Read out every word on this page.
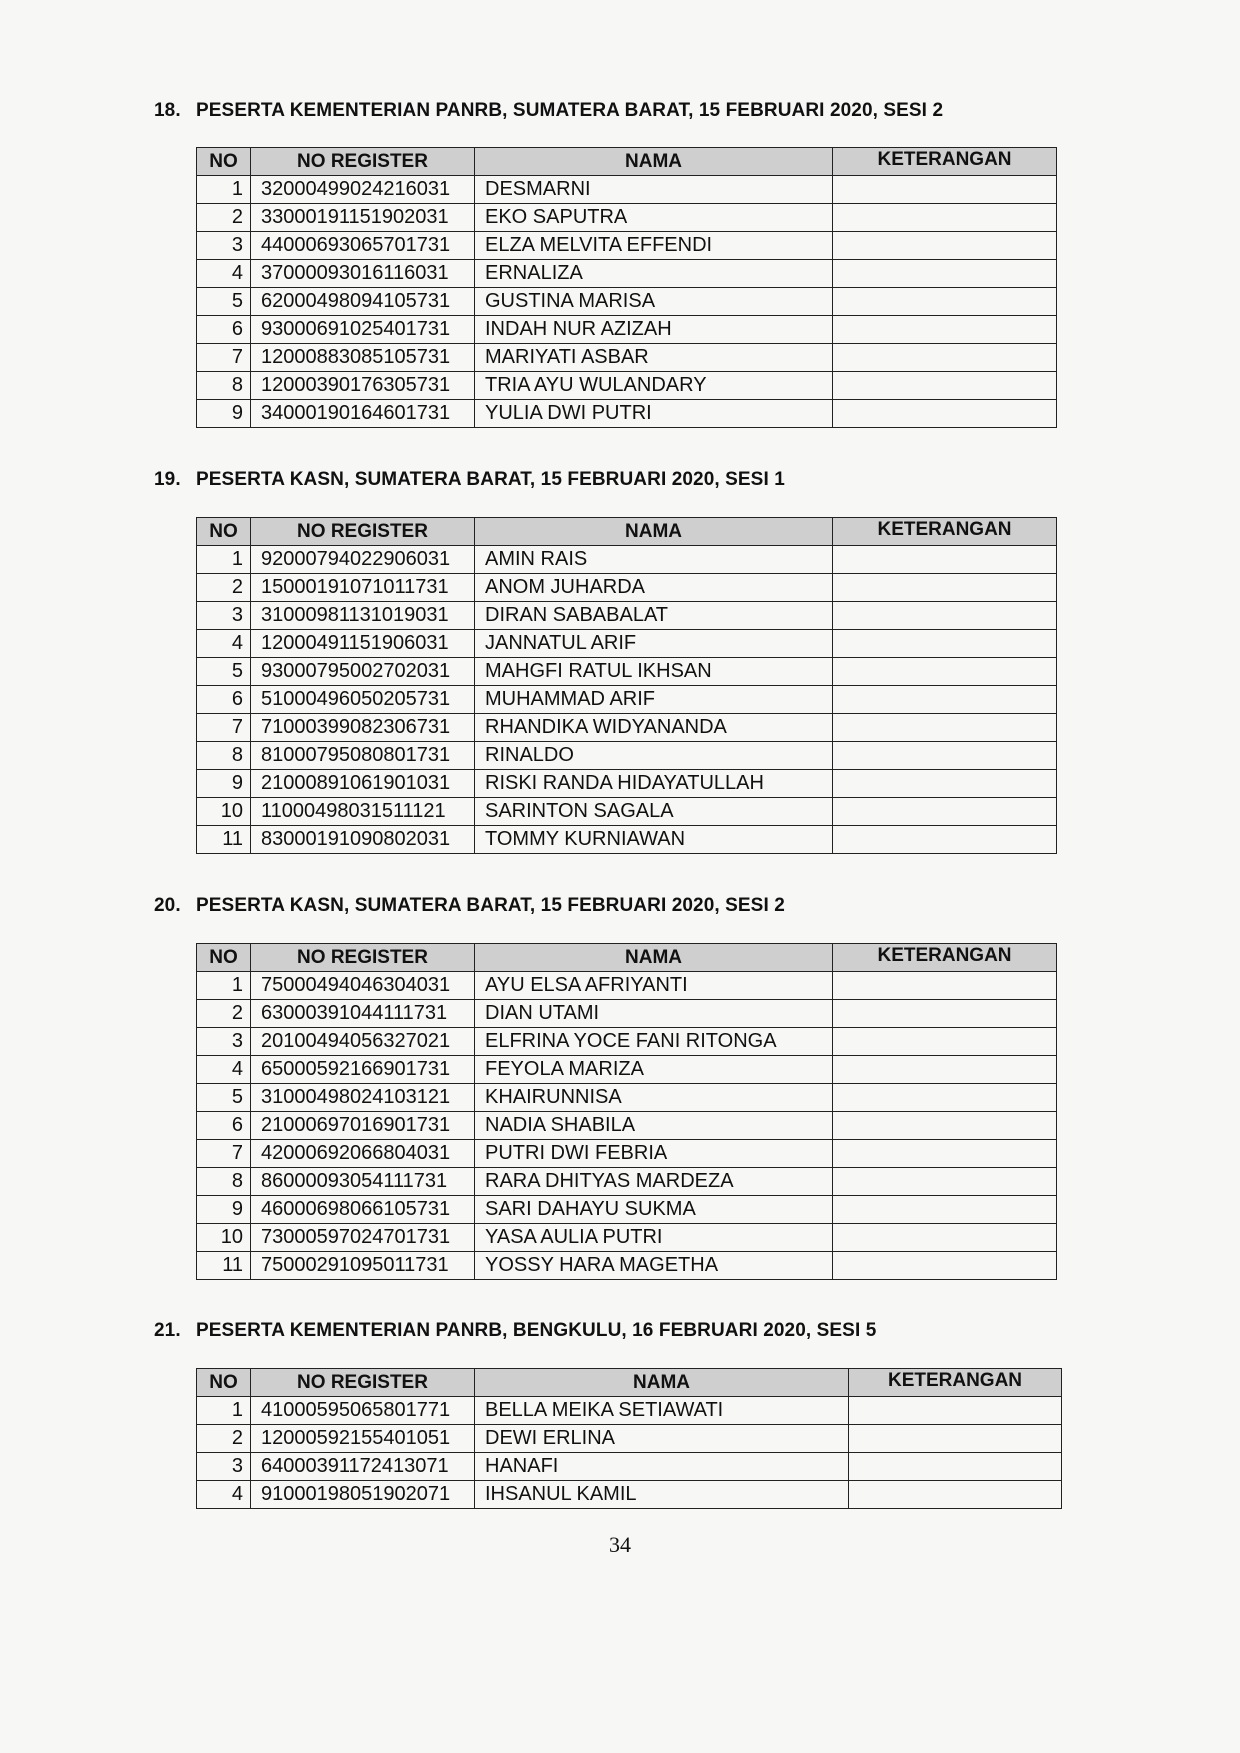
18. PESERTA KEMENTERIAN PANRB, SUMATERA BARAT, 15 FEBRUARI 2020, SESI 2
NO	NO REGISTER	NAMA	KETERANGAN
1	32000499024216031	DESMARNI	
2	33000191151902031	EKO SAPUTRA	
3	44000693065701731	ELZA MELVITA EFFENDI	
4	37000093016116031	ERNALIZA	
5	62000498094105731	GUSTINA MARISA	
6	93000691025401731	INDAH NUR AZIZAH	
7	12000883085105731	MARIYATI ASBAR	
8	12000390176305731	TRIA AYU WULANDARY	
9	34000190164601731	YULIA DWI PUTRI	
19. PESERTA KASN, SUMATERA BARAT, 15 FEBRUARI 2020, SESI 1
NO	NO REGISTER	NAMA	KETERANGAN
1	92000794022906031	AMIN RAIS	
2	15000191071011731	ANOM JUHARDA	
3	31000981131019031	DIRAN SABABALAT	
4	12000491151906031	JANNATUL ARIF	
5	93000795002702031	MAHGFI RATUL IKHSAN	
6	51000496050205731	MUHAMMAD ARIF	
7	71000399082306731	RHANDIKA WIDYANANDA	
8	81000795080801731	RINALDO	
9	21000891061901031	RISKI RANDA HIDAYATULLAH	
10	11000498031511121	SARINTON SAGALA	
11	83000191090802031	TOMMY KURNIAWAN	
20. PESERTA KASN, SUMATERA BARAT, 15 FEBRUARI 2020, SESI 2
NO	NO REGISTER	NAMA	KETERANGAN
1	75000494046304031	AYU ELSA AFRIYANTI	
2	63000391044111731	DIAN UTAMI	
3	20100494056327021	ELFRINA YOCE FANI RITONGA	
4	65000592166901731	FEYOLA MARIZA	
5	31000498024103121	KHAIRUNNISA	
6	21000697016901731	NADIA SHABILA	
7	42000692066804031	PUTRI DWI FEBRIA	
8	86000093054111731	RARA DHITYAS MARDEZA	
9	46000698066105731	SARI DAHAYU SUKMA	
10	73000597024701731	YASA AULIA PUTRI	
11	75000291095011731	YOSSY HARA MAGETHA	
21. PESERTA KEMENTERIAN PANRB, BENGKULU, 16 FEBRUARI 2020, SESI 5
NO	NO REGISTER	NAMA	KETERANGAN
1	41000595065801771	BELLA MEIKA SETIAWATI	
2	12000592155401051	DEWI ERLINA	
3	64000391172413071	HANAFI	
4	91000198051902071	IHSANUL KAMIL	
34
